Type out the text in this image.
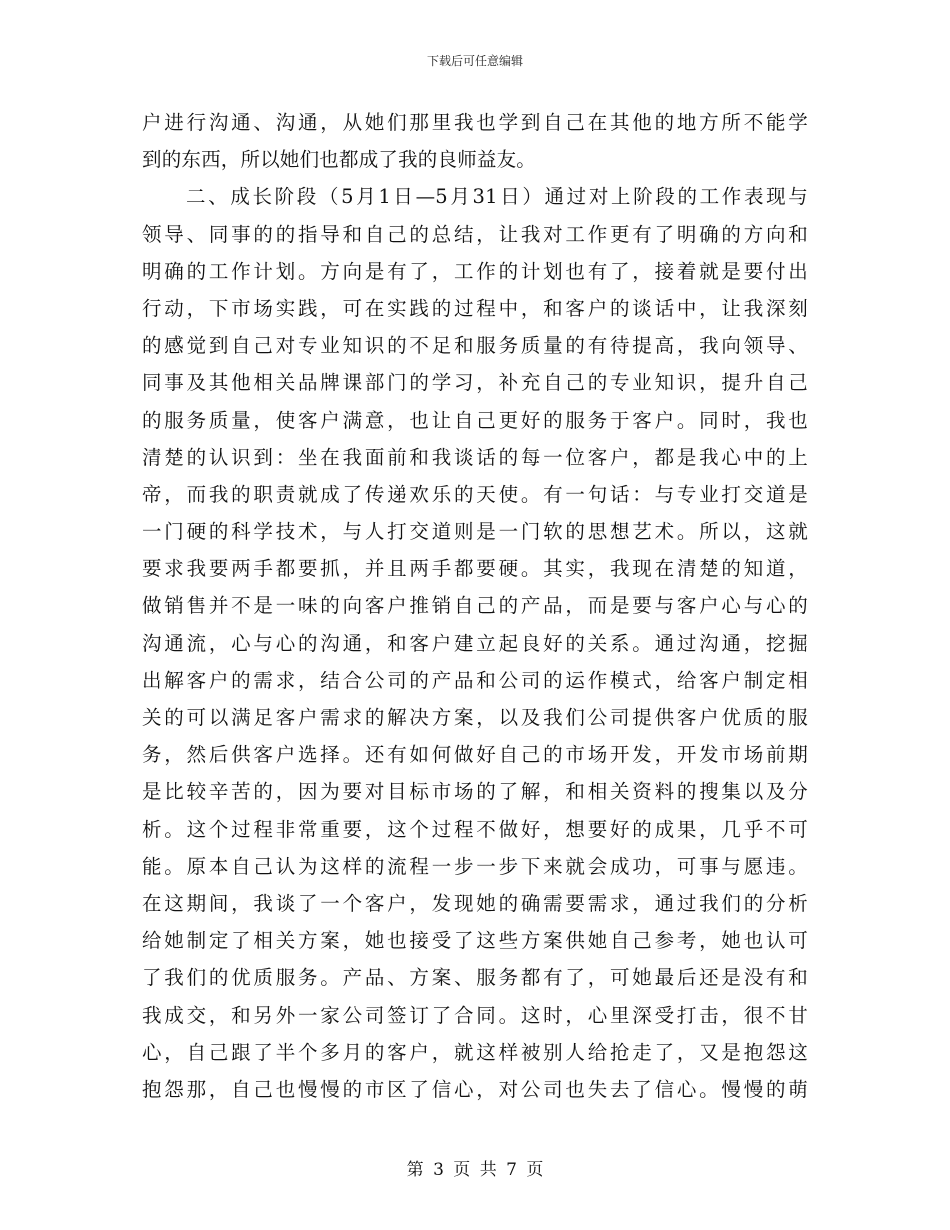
下载后可任意编辑
户进行沟通、沟通，从她们那里我也学到自己在其他的地方所不能学
到的东西，所以她们也都成了我的良师益友。
二、成长阶段（5月1日—5月31日）通过对上阶段的工作表现与
领导、同事的的指导和自己的总结，让我对工作更有了明确的方向和
明确的工作计划。方向是有了，工作的计划也有了，接着就是要付出
行动，下市场实践，可在实践的过程中，和客户的谈话中，让我深刻
的感觉到自己对专业知识的不足和服务质量的有待提高，我向领导、
同事及其他相关品牌课部门的学习，补充自己的专业知识，提升自己
的服务质量，使客户满意，也让自己更好的服务于客户。同时，我也
清楚的认识到：坐在我面前和我谈话的每一位客户，都是我心中的上
帝，而我的职责就成了传递欢乐的天使。有一句话：与专业打交道是
一门硬的科学技术，与人打交道则是一门软的思想艺术。所以，这就
要求我要两手都要抓，并且两手都要硬。其实，我现在清楚的知道，
做销售并不是一味的向客户推销自己的产品，而是要与客户心与心的
沟通流，心与心的沟通，和客户建立起良好的关系。通过沟通，挖掘
出解客户的需求，结合公司的产品和公司的运作模式，给客户制定相
关的可以满足客户需求的解决方案，以及我们公司提供客户优质的服
务，然后供客户选择。还有如何做好自己的市场开发，开发市场前期
是比较辛苦的，因为要对目标市场的了解，和相关资料的搜集以及分
析。这个过程非常重要，这个过程不做好，想要好的成果，几乎不可
能。原本自己认为这样的流程一步一步下来就会成功，可事与愿违。
在这期间，我谈了一个客户，发现她的确需要需求，通过我们的分析
给她制定了相关方案，她也接受了这些方案供她自己参考，她也认可
了我们的优质服务。产品、方案、服务都有了，可她最后还是没有和
我成交，和另外一家公司签订了合同。这时，心里深受打击，很不甘
心，自己跟了半个多月的客户，就这样被别人给抢走了，又是抱怨这
抱怨那，自己也慢慢的市区了信心，对公司也失去了信心。慢慢的萌
第 3 页 共 7 页
